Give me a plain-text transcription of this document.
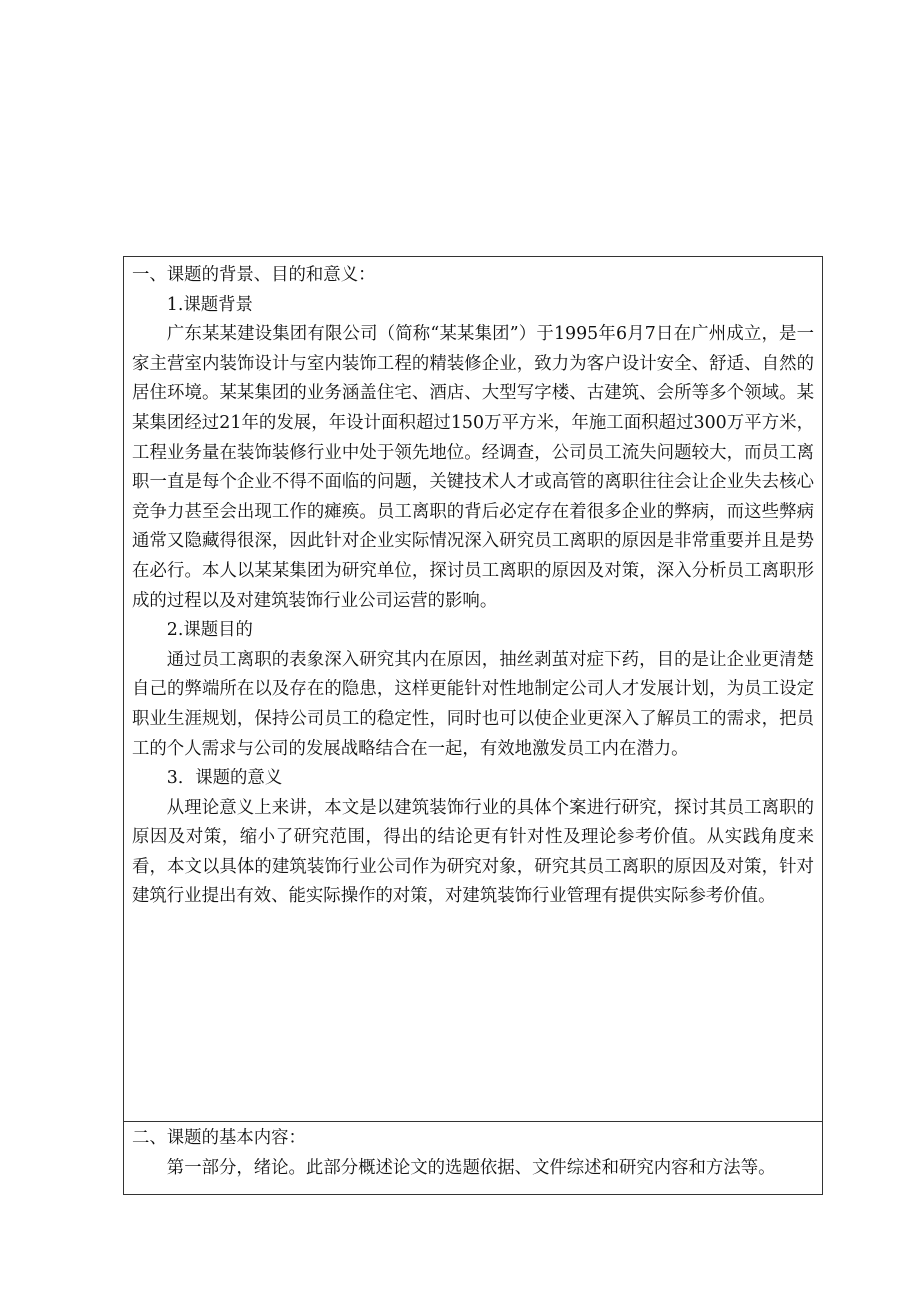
一、课题的背景、目的和意义：

1.课题背景

广东某某建设集团有限公司（简称“某某集团”）于1995年6月7日在广州成立，是一家主营室内装饰设计与室内装饰工程的精装修企业，致力为客户设计安全、舒适、自然的居住环境。某某集团的业务涵盖住宅、酒店、大型写字楼、古建筑、会所等多个领域。某某集团经过21年的发展，年设计面积超过150万平方米，年施工面积超过300万平方米，工程业务量在装饰装修行业中处于领先地位。经调查，公司员工流失问题较大，而员工离职一直是每个企业不得不面临的问题，关键技术人才或高管的离职往往会让企业失去核心竞争力甚至会出现工作的瘫痪。员工离职的背后必定存在着很多企业的弊病，而这些弊病通常又隐藏得很深，因此针对企业实际情况深入研究员工离职的原因是非常重要并且是势在必行。本人以某某集团为研究单位，探讨员工离职的原因及对策，深入分析员工离职形成的过程以及对建筑装饰行业公司运营的影响。

2.课题目的

通过员工离职的表象深入研究其内在原因，抽丝剥茧对症下药，目的是让企业更清楚自己的弊端所在以及存在的隐患，这样更能针对性地制定公司人才发展计划，为员工设定职业生涯规划，保持公司员工的稳定性，同时也可以使企业更深入了解员工的需求，把员工的个人需求与公司的发展战略结合在一起，有效地激发员工内在潜力。

3．课题的意义

从理论意义上来讲，本文是以建筑装饰行业的具体个案进行研究，探讨其员工离职的原因及对策，缩小了研究范围，得出的结论更有针对性及理论参考价值。从实践角度来看，本文以具体的建筑装饰行业公司作为研究对象，研究其员工离职的原因及对策，针对建筑行业提出有效、能实际操作的对策，对建筑装饰行业管理有提供实际参考价值。

二、课题的基本内容：

第一部分，绪论。此部分概述论文的选题依据、文件综述和研究内容和方法等。
